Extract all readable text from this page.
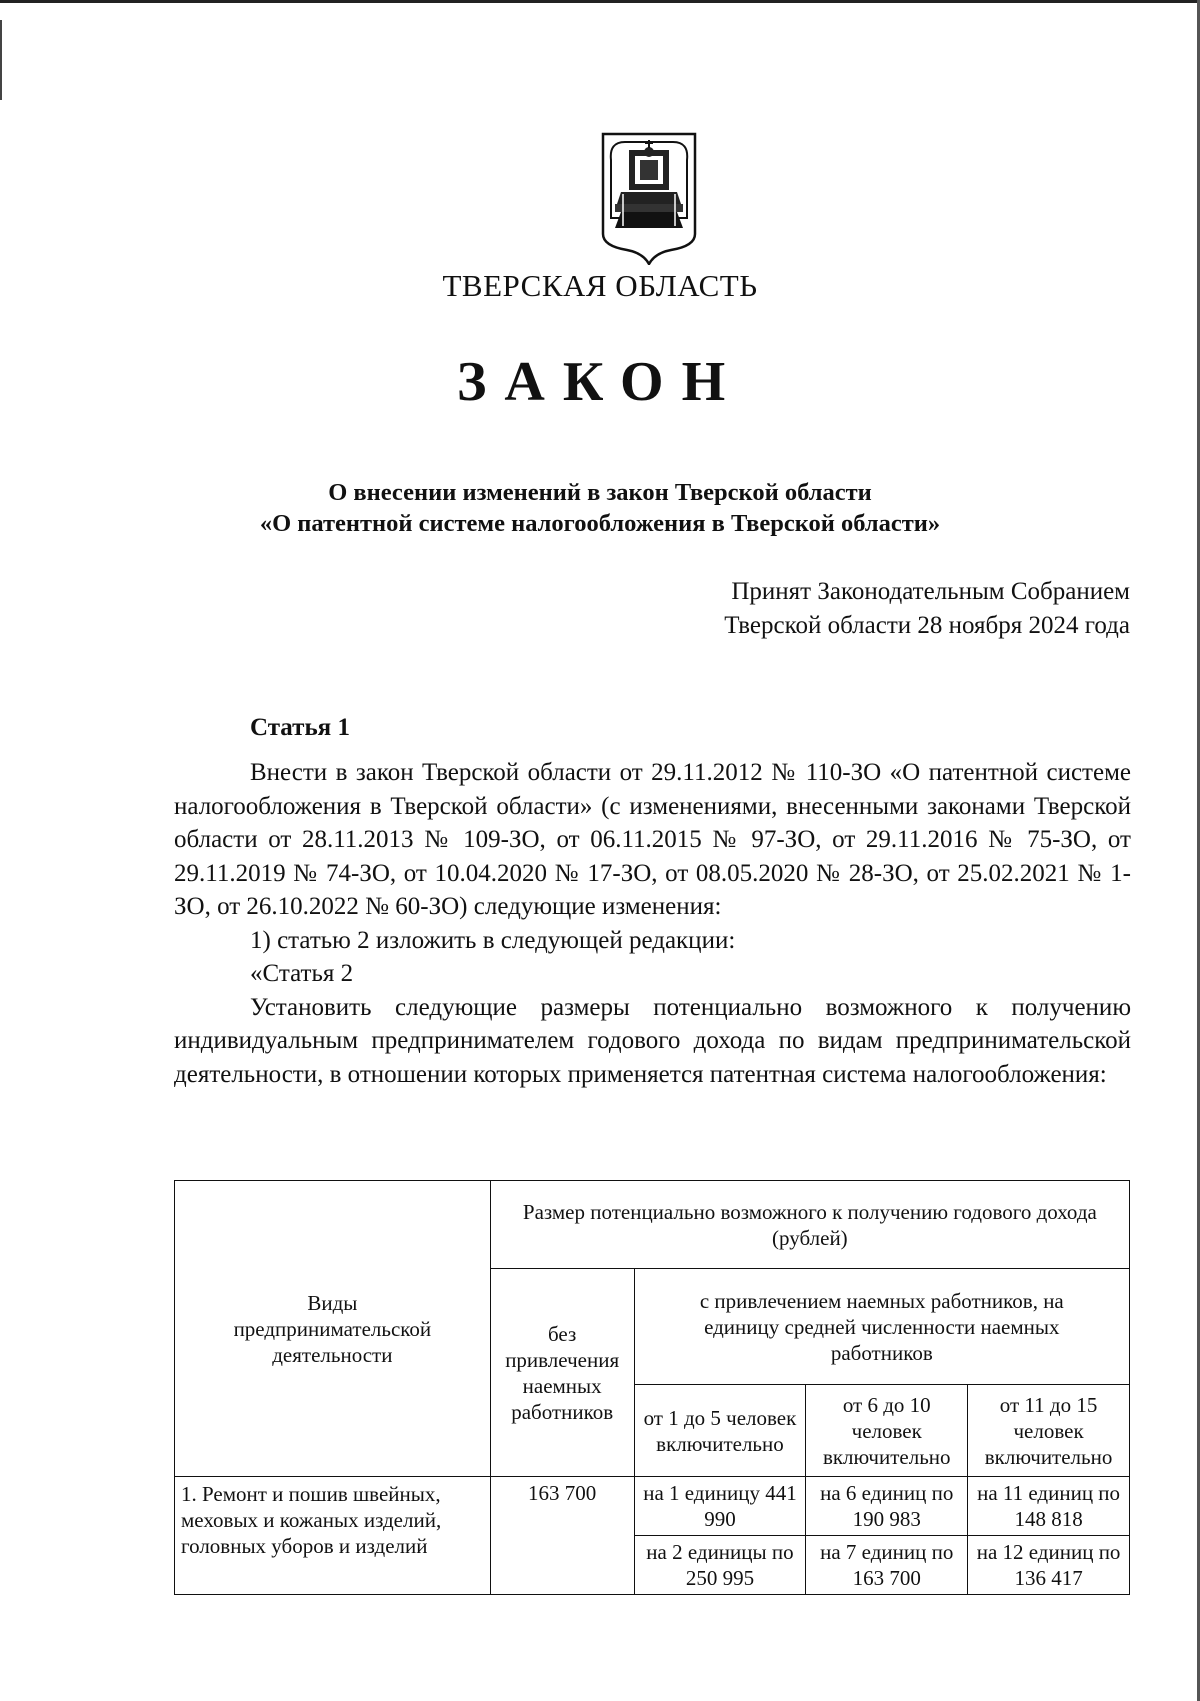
ТВЕРСКАЯ ОБЛАСТЬ
ЗАКОН
О внесении изменений в закон Тверской области
«О патентной системе налогообложения в Тверской области»
Принят Законодательным Собранием
Тверской области 28 ноября 2024 года
Статья 1

Внести в закон Тверской области от 29.11.2012 № 110-ЗО «О патентной системе налогообложения в Тверской области» (с изменениями, внесенными законами Тверской области от 28.11.2013 № 109-ЗО, от 06.11.2015 № 97-ЗО, от 29.11.2016 № 75-ЗО, от 29.11.2019 № 74-ЗО, от 10.04.2020 № 17-ЗО, от 08.05.2020 № 28-ЗО, от 25.02.2021 № 1-ЗО, от 26.10.2022 № 60-ЗО) следующие изменения:

1) статью 2 изложить в следующей редакции:

«Статья 2

Установить следующие размеры потенциально возможного к получению индивидуальным предпринимателем годового дохода по видам предпринимательской деятельности, в отношении которых применяется патентная система налогообложения:

Виды предпринимательской деятельности	Размер потенциально возможного к получению годового дохода (рублей)			
	без привлечения наемных работников	с привлечением наемных работников, на единицу средней численности наемных работников		
		от 1 до 5 человек включительно	от 6 до 10 человек включительно	от 11 до 15 человек включительно
1. Ремонт и пошив швейных, меховых и кожаных изделий, головных уборов и изделий	163 700	на 1 единицу 441 990	на 6 единиц по 190 983	на 11 единиц по 148 818
		на 2 единицы по 250 995	на 7 единиц по 163 700	на 12 единиц по 136 417
